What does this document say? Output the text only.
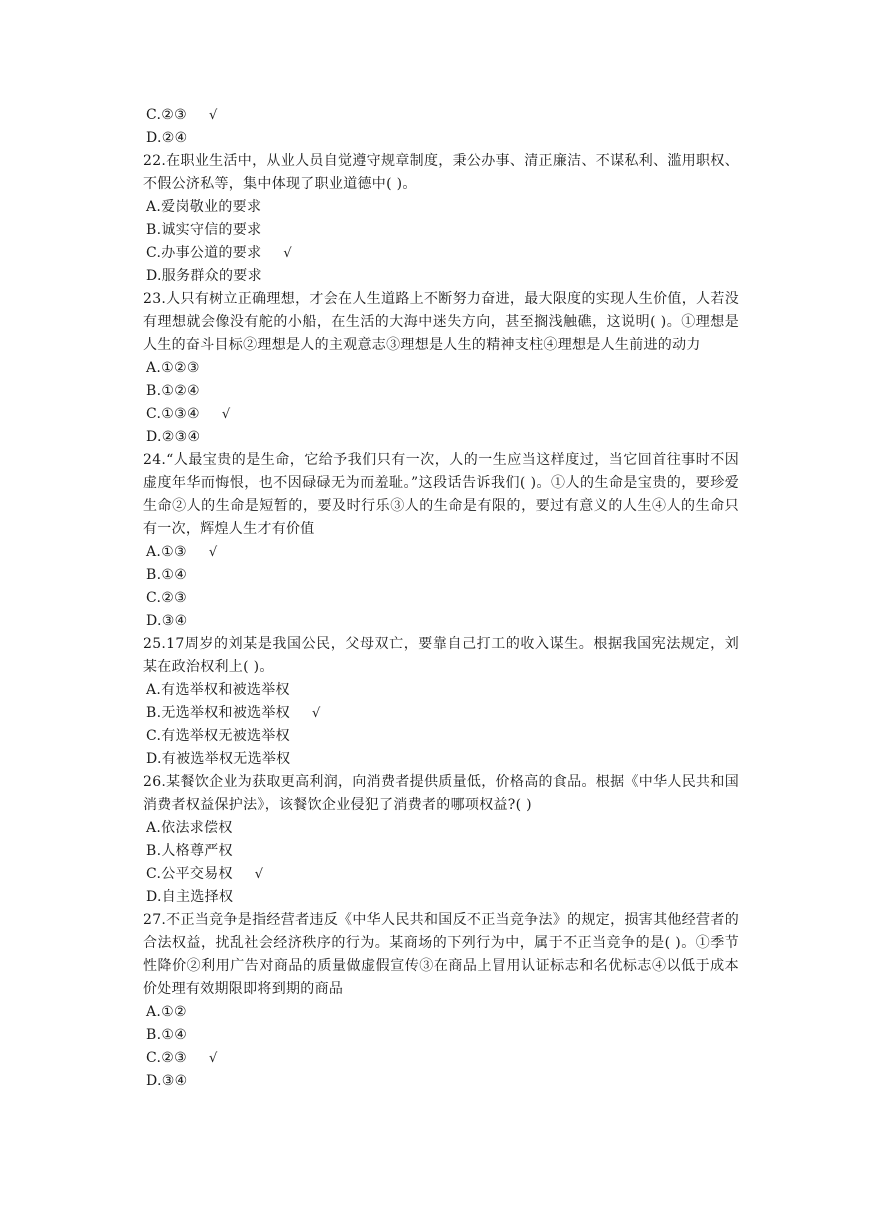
C.②③ √
D.②④
22.在职业生活中，从业人员自觉遵守规章制度，秉公办事、清正廉洁、不谋私利、滥用职权、不假公济私等，集中体现了职业道德中( )。
A.爱岗敬业的要求
B.诚实守信的要求
C.办事公道的要求 √
D.服务群众的要求
23.人只有树立正确理想，才会在人生道路上不断努力奋进，最大限度的实现人生价值，人若没有理想就会像没有舵的小船，在生活的大海中迷失方向，甚至搁浅触礁，这说明( )。①理想是人生的奋斗目标②理想是人的主观意志③理想是人生的精神支柱④理想是人生前进的动力
A.①②③
B.①②④
C.①③④ √
D.②③④
24.“人最宝贵的是生命，它给予我们只有一次，人的一生应当这样度过，当它回首往事时不因虚度年华而悔恨，也不因碌碌无为而羞耻。”这段话告诉我们( )。①人的生命是宝贵的，要珍爱生命②人的生命是短暂的，要及时行乐③人的生命是有限的，要过有意义的人生④人的生命只有一次，辉煌人生才有价值
A.①③ √
B.①④
C.②③
D.③④
25.17周岁的刘某是我国公民，父母双亡，要靠自己打工的收入谋生。根据我国宪法规定，刘某在政治权利上( )。
A.有选举权和被选举权
B.无选举权和被选举权 √
C.有选举权无被选举权
D.有被选举权无选举权
26.某餐饮企业为获取更高利润，向消费者提供质量低，价格高的食品。根据《中华人民共和国消费者权益保护法》，该餐饮企业侵犯了消费者的哪项权益?( )
A.依法求偿权
B.人格尊严权
C.公平交易权 √
D.自主选择权
27.不正当竞争是指经营者违反《中华人民共和国反不正当竞争法》的规定，损害其他经营者的合法权益，扰乱社会经济秩序的行为。某商场的下列行为中，属于不正当竞争的是( )。①季节性降价②利用广告对商品的质量做虚假宣传③在商品上冒用认证标志和名优标志④以低于成本价处理有效期限即将到期的商品
A.①②
B.①④
C.②③ √
D.③④
